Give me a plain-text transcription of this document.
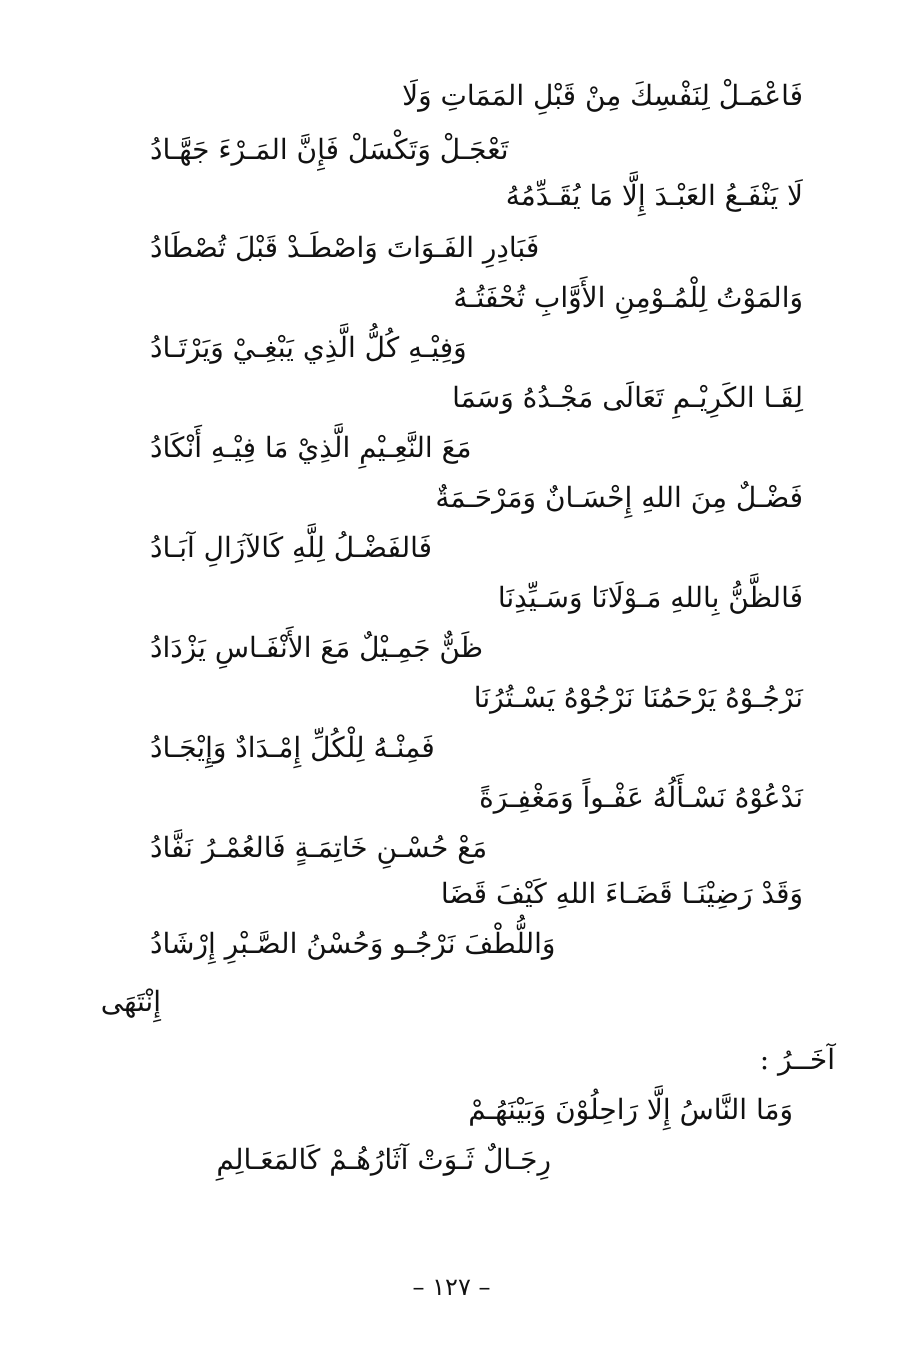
فَاعْمَـلْ لِنَفْسِكَ مِنْ قَبْلِ المَمَاتِ وَلَا
تَعْجَـلْ وَتَكْسَلْ فَإِنَّ المَـرْءَ جَهَّـادُ
لَا يَنْفَـعُ العَبْـدَ إِلَّا مَا يُقَـدِّمُهُ
فَبَادِرِ الفَـوَاتَ وَاصْطَـدْ قَبْلَ تُصْطَادُ
وَالمَوْتُ لِلْمُـوْمِنِ الأَوَّابِ تُحْفَتُـهُ
وَفِيْـهِ كُلُّ الَّذِي يَبْغِـيْ وَيَرْتَـادُ
لِقَـا الكَرِيْـمِ تَعَالَى مَجْـدُهُ وَسَمَا
مَعَ النَّعِـيْمِ الَّذِيْ مَا فِيْـهِ أَنْكَادُ
فَضْـلٌ مِنَ اللهِ إِحْسَـانٌ وَمَرْحَـمَةٌ
فَالفَضْـلُ لِلَّهِ كَالآزَالِ آبَـادُ
فَالظَّنُّ بِاللهِ مَـوْلَانَا وَسَـيِّدِنَا
ظَنٌّ جَمِـيْلٌ مَعَ الأَنْفَـاسِ يَزْدَادُ
نَرْجُـوْهُ يَرْحَمُنَا نَرْجُوْهُ يَسْـتُرُنَا
فَمِنْـهُ لِلْكُلِّ إِمْـدَادٌ وَإِيْجَـادُ
نَدْعُوْهُ نَسْـأَلُهُ عَفْـواً وَمَغْفِـرَةً
مَعْ حُسْـنِ خَاتِمَـةٍ فَالعُمْـرُ نَفَّادُ
وَقَدْ رَضِيْنَـا قَضَـاءَ اللهِ كَيْفَ قَضَا
وَاللُّطْفَ نَرْجُـو وَحُسْنُ الصَّـبْرِ إِرْشَادُ
إِنْتَهَى
آخَــرُ :
وَمَا النَّاسُ إِلَّا رَاحِلُوْنَ وَبَيْنَهُـمْ
رِجَـالٌ ثَـوَتْ آثَارُهُـمْ كَالمَعَـالِمِ
– ١٢٧ –
